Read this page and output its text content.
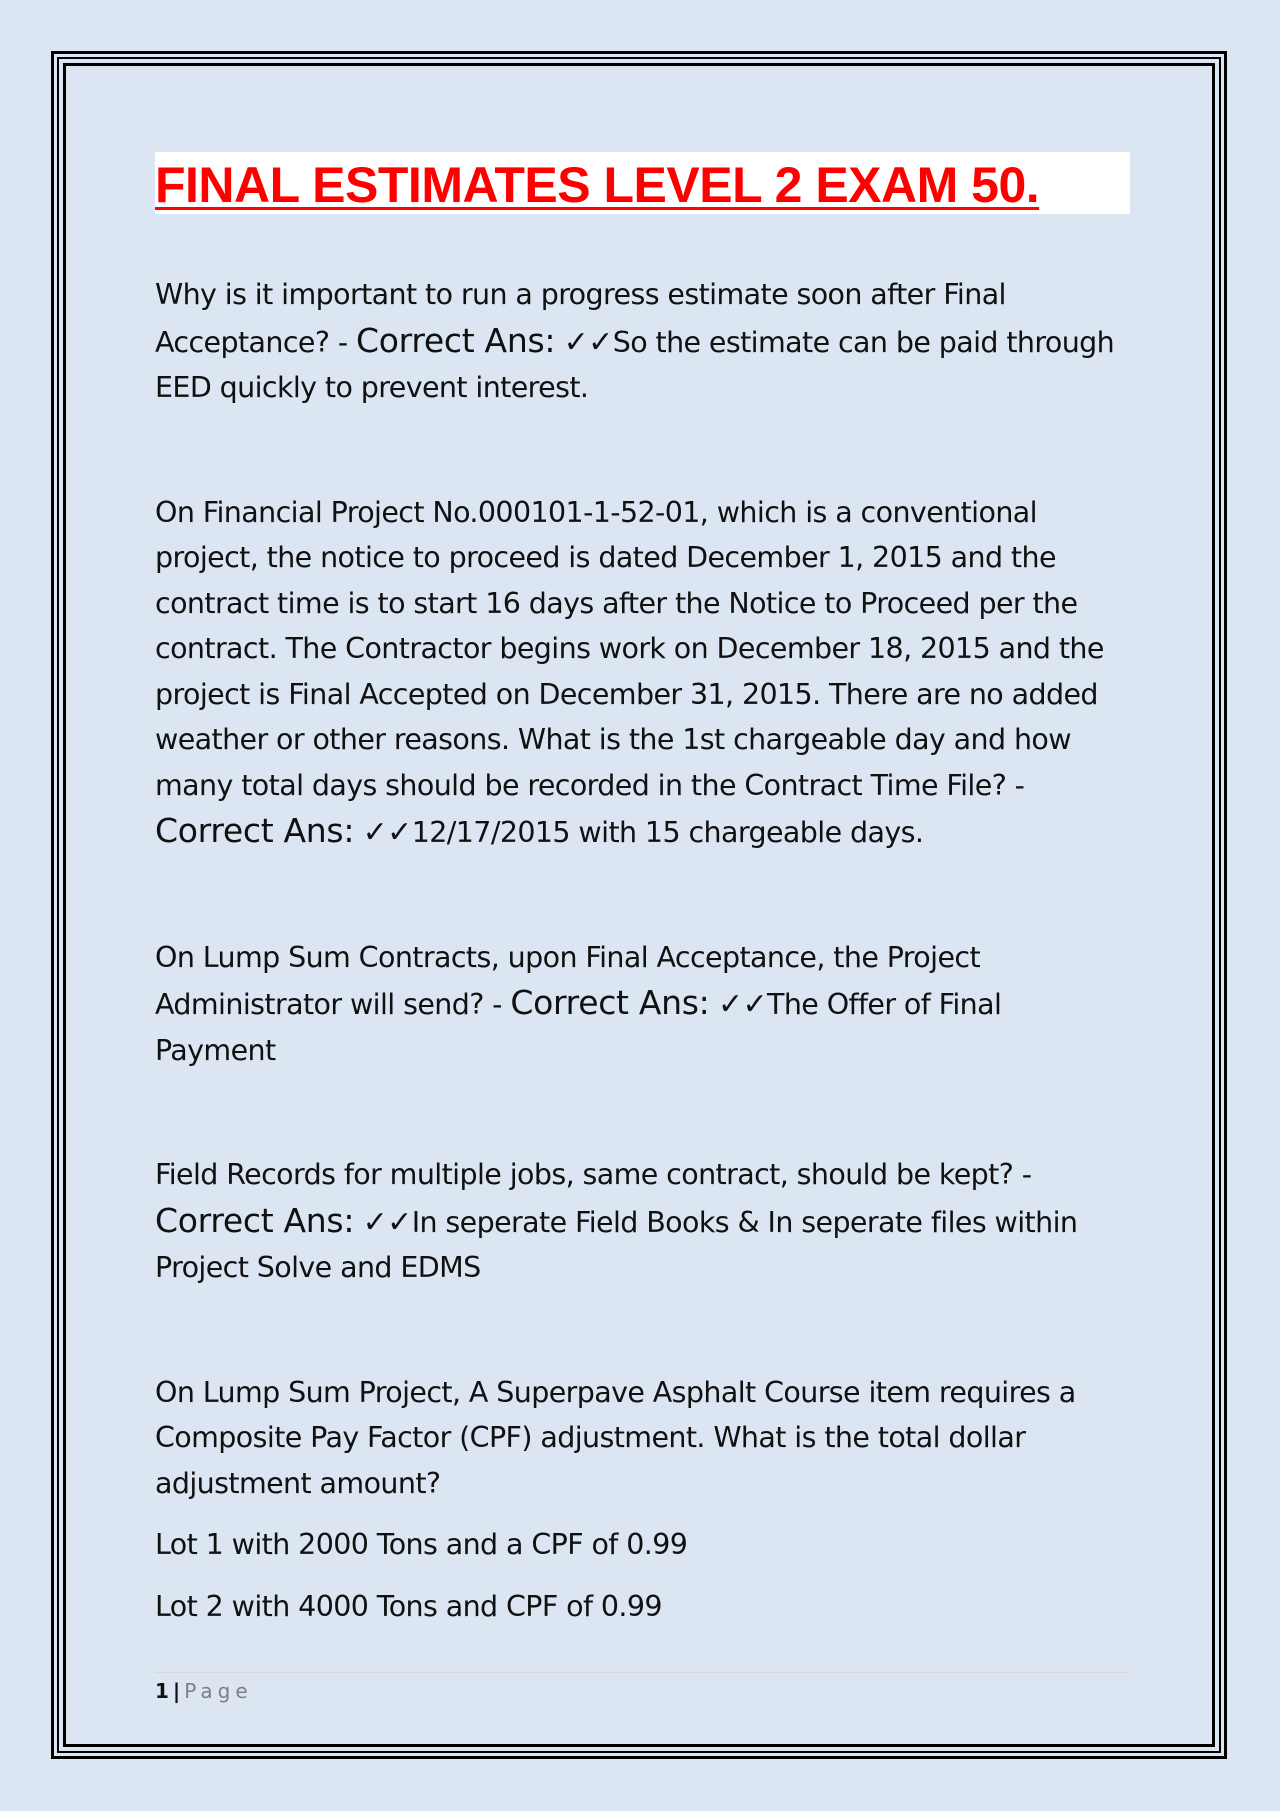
FINAL ESTIMATES LEVEL 2 EXAM 50.
Why is it important to run a progress estimate soon after Final Acceptance? - Correct Ans: ✓✓So the estimate can be paid through EED quickly to prevent interest.
On Financial Project No.000101-1-52-01, which is a conventional project, the notice to proceed is dated December 1, 2015 and the contract time is to start 16 days after the Notice to Proceed per the contract. The Contractor begins work on December 18, 2015 and the project is Final Accepted on December 31, 2015. There are no added weather or other reasons. What is the 1st chargeable day and how many total days should be recorded in the Contract Time File? - Correct Ans: ✓✓12/17/2015 with 15 chargeable days.
On Lump Sum Contracts, upon Final Acceptance, the Project Administrator will send? - Correct Ans: ✓✓The Offer of Final Payment
Field Records for multiple jobs, same contract, should be kept? - Correct Ans: ✓✓In seperate Field Books & In seperate files within Project Solve and EDMS
On Lump Sum Project, A Superpave Asphalt Course item requires a Composite Pay Factor (CPF) adjustment. What is the total dollar adjustment amount?
Lot 1 with 2000 Tons and a CPF of 0.99
Lot 2 with 4000 Tons and CPF of 0.99
1 | Page
